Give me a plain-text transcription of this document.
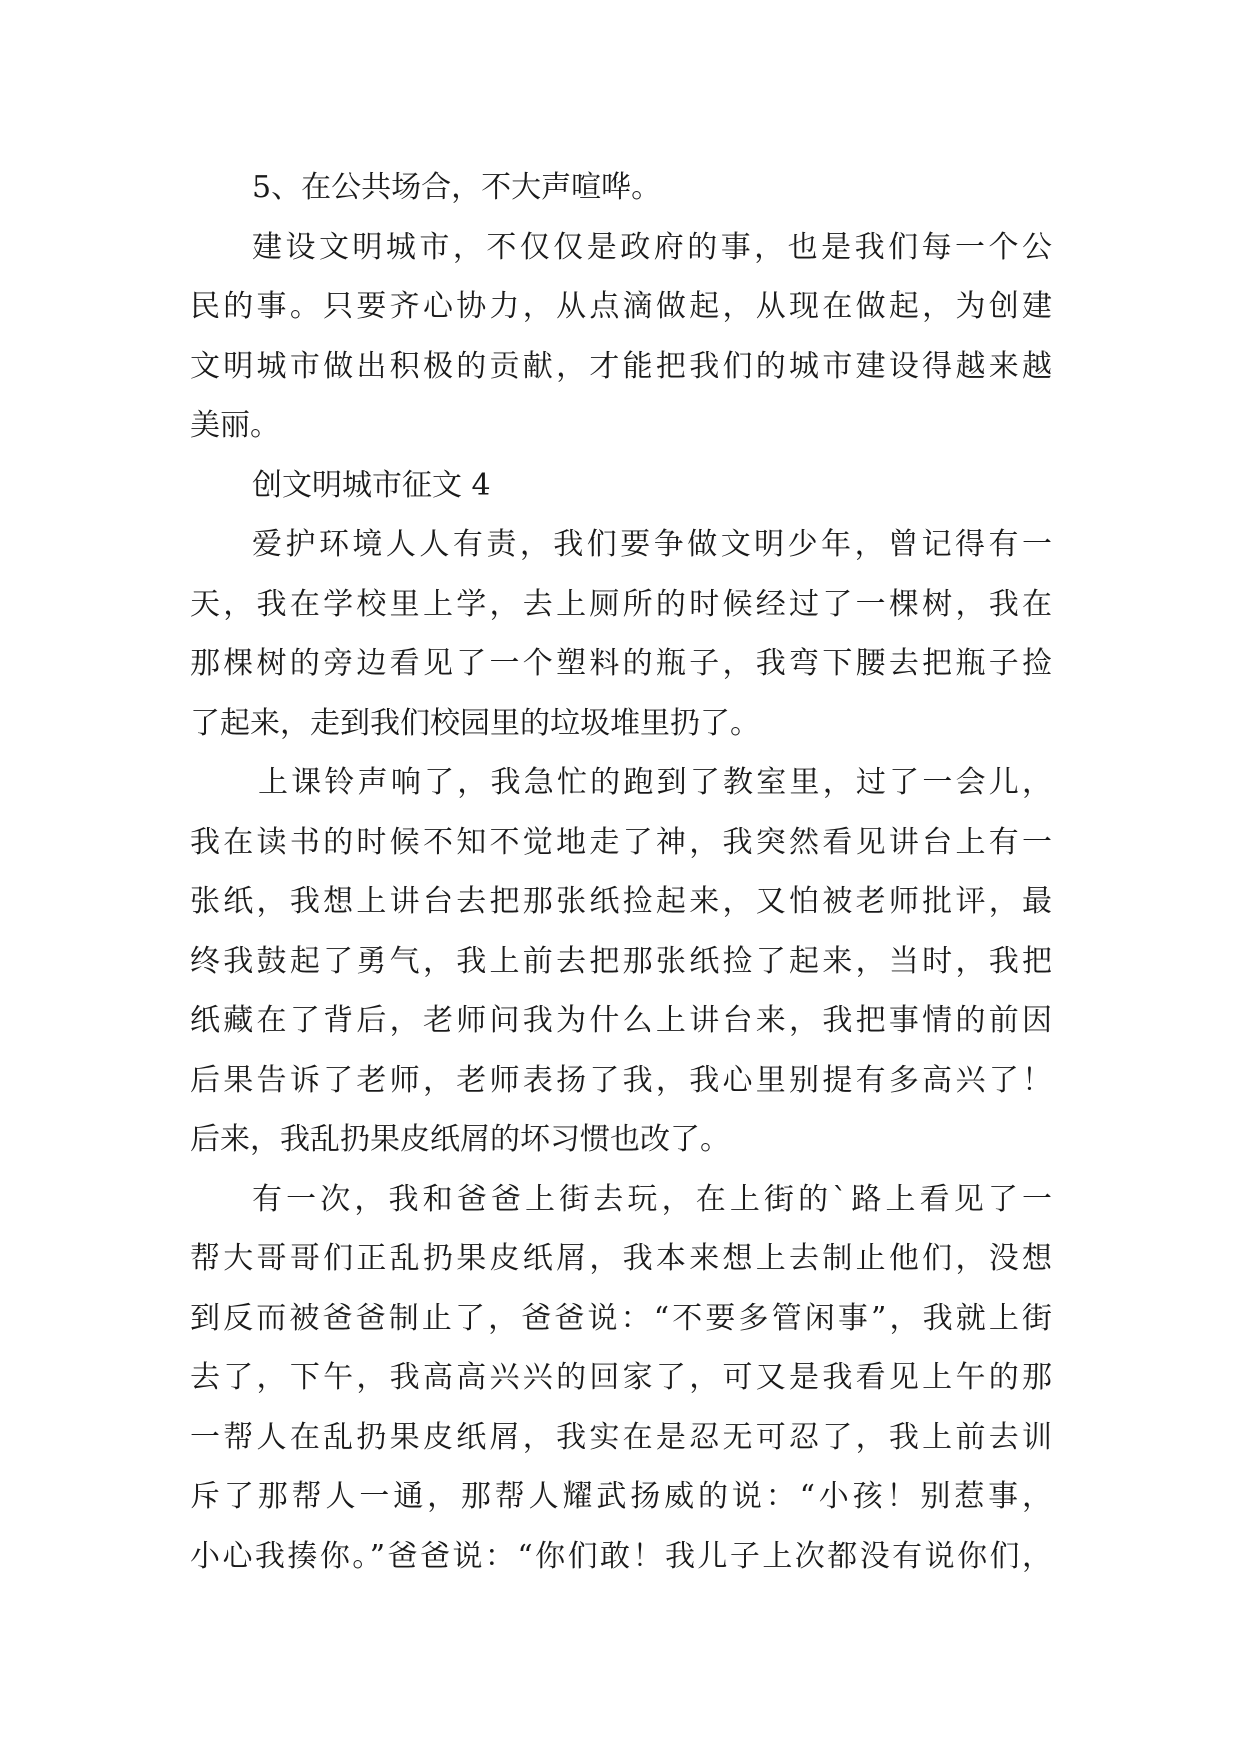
5、在公共场合，不大声喧哗。
建设文明城市，不仅仅是政府的事，也是我们每一个公
民的事。只要齐心协力，从点滴做起，从现在做起，为创建
文明城市做出积极的贡献，才能把我们的城市建设得越来越
美丽。
创文明城市征文 4
爱护环境人人有责，我们要争做文明少年，曾记得有一
天，我在学校里上学，去上厕所的时候经过了一棵树，我在
那棵树的旁边看见了一个塑料的瓶子，我弯下腰去把瓶子捡
了起来，走到我们校园里的垃圾堆里扔了。
上课铃声响了，我急忙的跑到了教室里，过了一会儿，
我在读书的时候不知不觉地走了神，我突然看见讲台上有一
张纸，我想上讲台去把那张纸捡起来，又怕被老师批评，最
终我鼓起了勇气，我上前去把那张纸捡了起来，当时，我把
纸藏在了背后，老师问我为什么上讲台来，我把事情的前因
后果告诉了老师，老师表扬了我，我心里别提有多高兴了！
后来，我乱扔果皮纸屑的坏习惯也改了。
有一次，我和爸爸上街去玩，在上街的`路上看见了一
帮大哥哥们正乱扔果皮纸屑，我本来想上去制止他们，没想
到反而被爸爸制止了，爸爸说：“不要多管闲事”，我就上街
去了，下午，我高高兴兴的回家了，可又是我看见上午的那
一帮人在乱扔果皮纸屑，我实在是忍无可忍了，我上前去训
斥了那帮人一通，那帮人耀武扬威的说：“小孩！别惹事，
小心我揍你。”爸爸说：“你们敢！我儿子上次都没有说你们，
